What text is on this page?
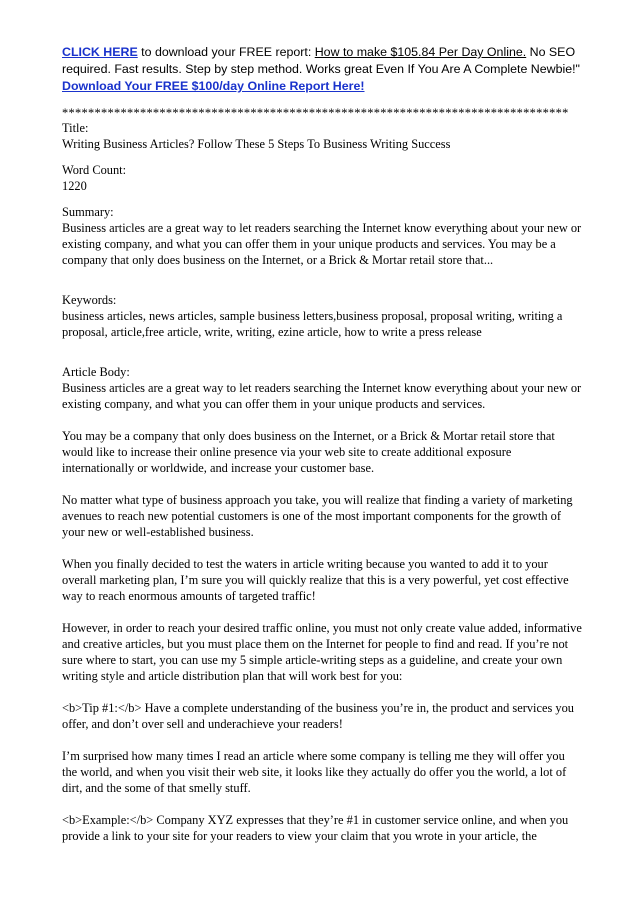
CLICK HERE to download your FREE report: How to make $105.84 Per Day Online. No SEO required. Fast results. Step by step method. Works great Even If You Are A Complete Newbie!" Download Your FREE $100/day Online Report Here!
******************************************************************************

Title:

Writing Business Articles? Follow These 5 Steps To Business Writing Success

Word Count:

1220

Summary:

Business articles are a great way to let readers searching the Internet know everything about your new or existing company, and what you can offer them in your unique products and services. You may be a company that only does business on the Internet, or a Brick & Mortar retail store that...

Keywords:

business articles, news articles, sample business letters,business proposal, proposal writing, writing a proposal, article,free article, write, writing, ezine article, how to write a press release

Article Body:

Business articles are a great way to let readers searching the Internet know everything about your new or existing company, and what you can offer them in your unique products and services.

You may be a company that only does business on the Internet, or a Brick & Mortar retail store that would like to increase their online presence via your web site to create additional exposure internationally or worldwide, and increase your customer base.

No matter what type of business approach you take, you will realize that finding a variety of marketing avenues to reach new potential customers is one of the most important components for the growth of your new or well-established business.

When you finally decided to test the waters in article writing because you wanted to add it to your overall marketing plan, I’m sure you will quickly realize that this is a very powerful, yet cost effective way to reach enormous amounts of targeted traffic!

However, in order to reach your desired traffic online, you must not only create value added, informative and creative articles, but you must place them on the Internet for people to find and read. If you’re not sure where to start, you can use my 5 simple article-writing steps as a guideline, and create your own writing style and article distribution plan that will work best for you:

<b>Tip #1:</b> Have a complete understanding of the business you’re in, the product and services you offer, and don’t over sell and underachieve your readers!

I’m surprised how many times I read an article where some company is telling me they will offer you the world, and when you visit their web site, it looks like they actually do offer you the world, a lot of dirt, and the some of that smelly stuff.

<b>Example:</b> Company XYZ expresses that they’re #1 in customer service online, and when you provide a link to your site for your readers to view your claim that you wrote in your article, the
